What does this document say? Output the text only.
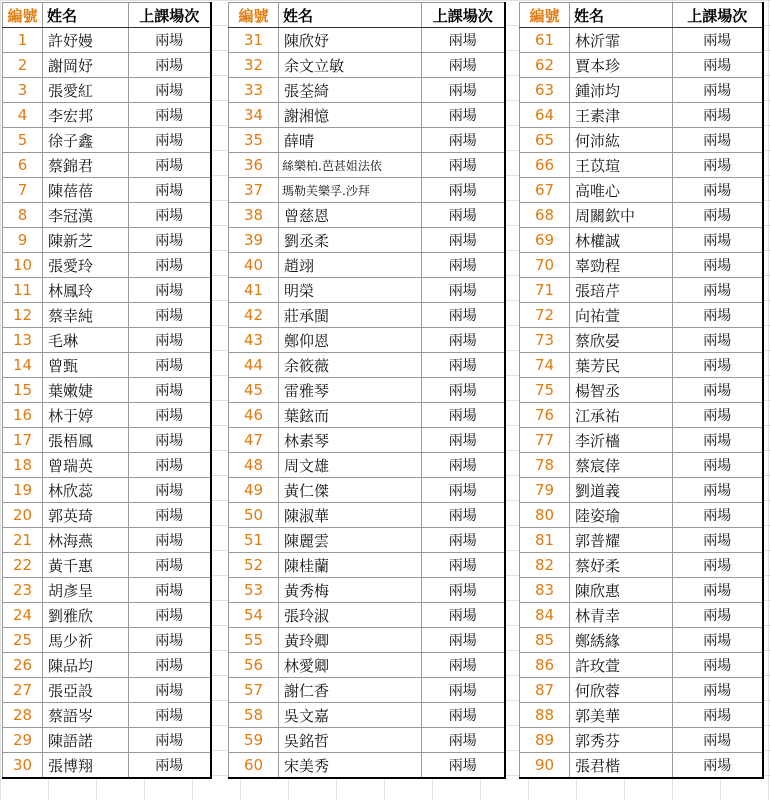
編號	姓名	上課場次
1	許妤嫚	兩場
2	謝岡妤	兩場
3	張愛紅	兩場
4	李宏邦	兩場
5	徐子鑫	兩場
6	蔡錦君	兩場
7	陳蓓蓓	兩場
8	李冠漢	兩場
9	陳新芝	兩場
10	張愛玲	兩場
11	林鳳玲	兩場
12	蔡幸純	兩場
13	毛琳	兩場
14	曾甄	兩場
15	葉嫩婕	兩場
16	林于婷	兩場
17	張梧鳳	兩場
18	曾瑞英	兩場
19	林欣蕊	兩場
20	郭英琦	兩場
21	林海燕	兩場
22	黃千惠	兩場
23	胡彥呈	兩場
24	劉雅欣	兩場
25	馬少祈	兩場
26	陳品均	兩場
27	張亞設	兩場
28	蔡語岑	兩場
29	陳語諾	兩場
30	張博翔	兩場
編號	姓名	上課場次
31	陳欣妤	兩場
32	余文立敏	兩場
33	張荃綺	兩場
34	謝湘憶	兩場
35	薛晴	兩場
36	絲樂柏.芭甚姐法依	兩場
37	瑪勒芙樂孚.沙拜	兩場
38	曾慈恩	兩場
39	劉丞柔	兩場
40	趙翊	兩場
41	明榮	兩場
42	莊承閩	兩場
43	鄭仰恩	兩場
44	余筱薇	兩場
45	雷雅琴	兩場
46	葉鉉而	兩場
47	林素琴	兩場
48	周文雄	兩場
49	黃仁傑	兩場
50	陳淑華	兩場
51	陳麗雲	兩場
52	陳桂蘭	兩場
53	黃秀梅	兩場
54	張玲淑	兩場
55	黃玲卿	兩場
56	林愛卿	兩場
57	謝仁香	兩場
58	吳文嘉	兩場
59	吳銘哲	兩場
60	宋美秀	兩場
編號	姓名	上課場次
61	林沂霏	兩場
62	賈本珍	兩場
63	鍾沛均	兩場
64	王素津	兩場
65	何沛紘	兩場
66	王苡瑄	兩場
67	高唯心	兩場
68	周關欽中	兩場
69	林權誠	兩場
70	辜勁程	兩場
71	張琣芹	兩場
72	向祐萱	兩場
73	蔡欣晏	兩場
74	葉芳民	兩場
75	楊智丞	兩場
76	江承祐	兩場
77	李沂檣	兩場
78	蔡宸倖	兩場
79	劉道義	兩場
80	陸姿瑜	兩場
81	郭普耀	兩場
82	蔡妤柔	兩場
83	陳欣惠	兩場
84	林青幸	兩場
85	鄭綉緣	兩場
86	許玫萱	兩場
87	何欣蓉	兩場
88	郭美華	兩場
89	郭秀芬	兩場
90	張君楷	兩場
